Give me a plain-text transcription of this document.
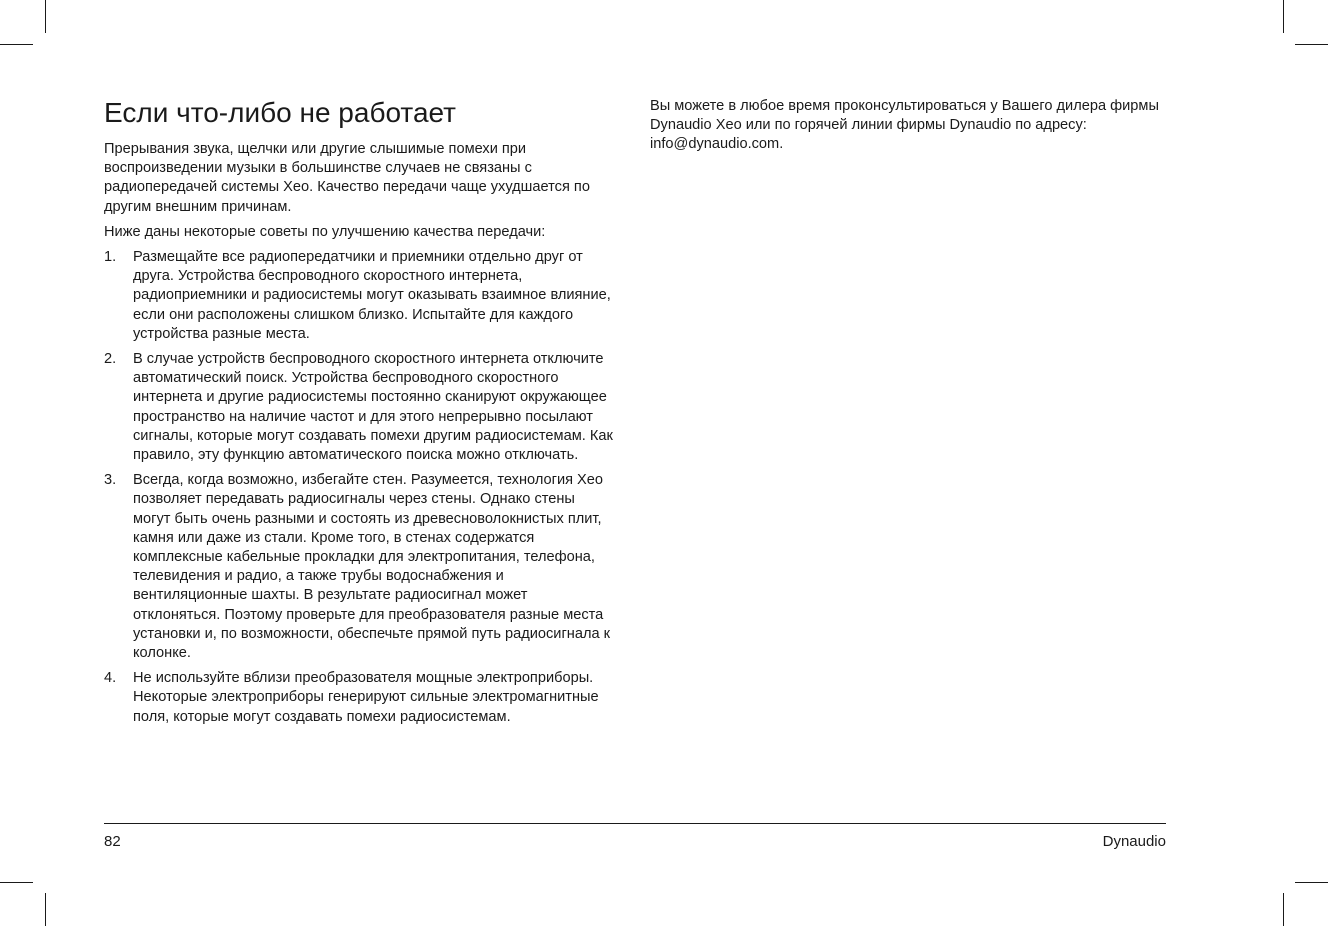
Если что-либо не работает

Прерывания звука, щелчки или другие слышимые помехи при воспроизведении музыки в большинстве случаев не связаны с радиопередачей системы Xeo. Качество передачи чаще ухудшается по другим внешним причинам.

Ниже даны некоторые советы по улучшению качества передачи:

1. Размещайте все радиопередатчики и приемники отдельно друг от друга. Устройства беспроводного скоростного интернета, радиоприемники и радиосистемы могут оказывать взаимное влияние, если они расположены слишком близко. Испытайте для каждого устройства разные места.
2. В случае устройств беспроводного скоростного интернета отключите автоматический поиск. Устройства беспроводного скоростного интернета и другие радиосистемы постоянно сканируют окружающее пространство на наличие частот и для этого непрерывно посылают сигналы, которые могут создавать помехи другим радиосистемам. Как правило, эту функцию автоматического поиска можно отключать.
3. Всегда, когда возможно, избегайте стен. Разумеется, технология Xeo позволяет передавать радиосигналы через стены. Однако стены могут быть очень разными и состоять из древесноволокнистых плит, камня или даже из стали. Кроме того, в стенах содержатся комплексные кабельные прокладки для электропитания, телефона, телевидения и радио, а также трубы водоснабжения и вентиляционные шахты. В результате радиосигнал может отклоняться. Поэтому проверьте для преобразователя разные места установки и, по возможности, обеспечьте прямой путь радиосигнала к колонке.
4. Не используйте вблизи преобразователя мощные электроприборы. Некоторые электроприборы генерируют сильные электромагнитные поля, которые могут создавать помехи радиосистемам.

Вы можете в любое время проконсультироваться у Вашего дилера фирмы Dynaudio Xeo или по горячей линии фирмы Dynaudio по адресу: info@dynaudio.com.

82	Dynaudio
